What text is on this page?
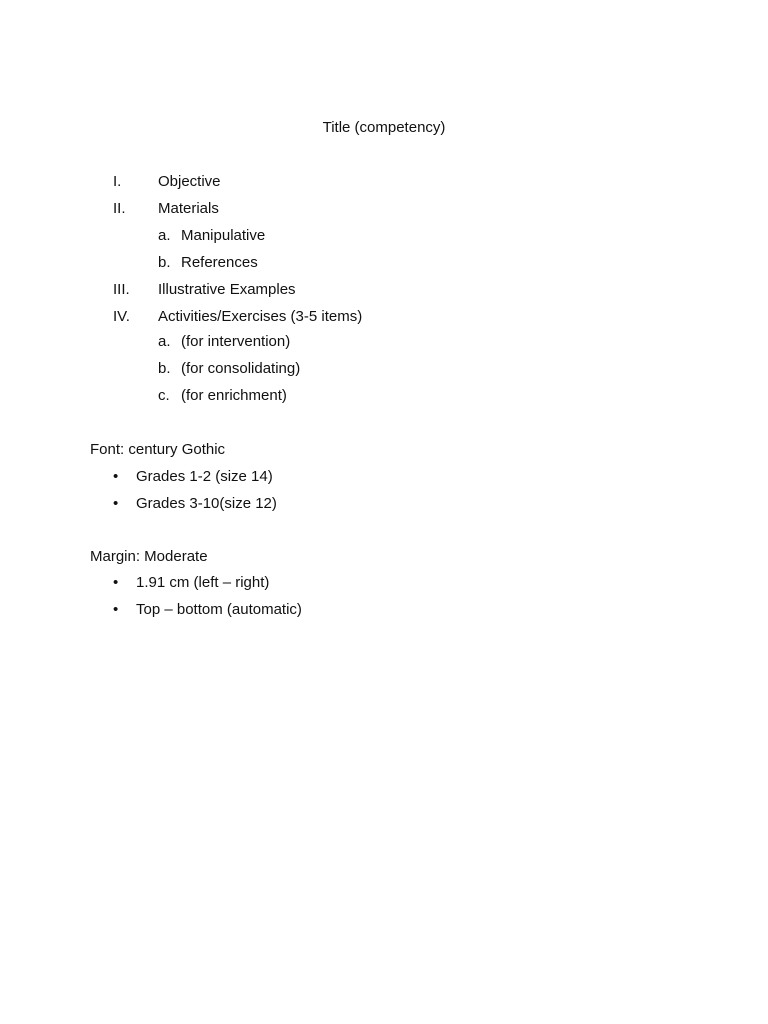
Title (competency)
I. Objective
II. Materials
a. Manipulative
b. References
III. Illustrative Examples
IV. Activities/Exercises (3-5 items)
a. (for intervention)
b. (for consolidating)
c. (for enrichment)
Font: century Gothic
• Grades 1-2 (size 14)
• Grades 3-10(size 12)
Margin: Moderate
• 1.91 cm (left – right)
• Top – bottom (automatic)
